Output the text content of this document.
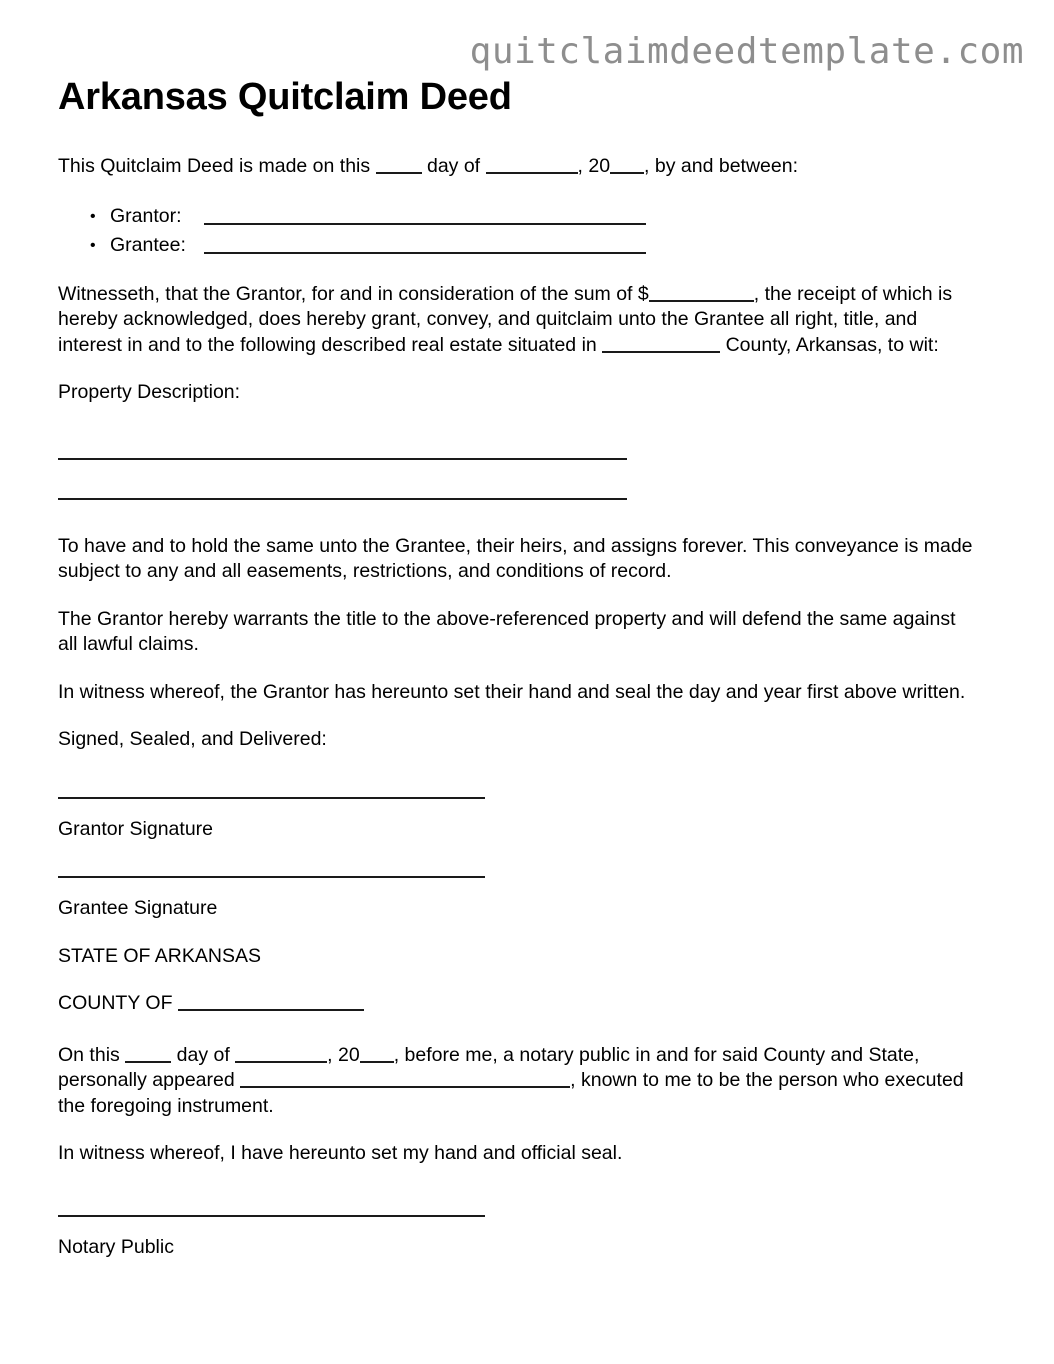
quitclaimdeedtemplate.com
Arkansas Quitclaim Deed

This Quitclaim Deed is made on this	day of	, 20 , by and between:

• Grantor:
• Grantee:

Witnesseth, that the Grantor, for and in consideration of the sum of $	, the receipt of which is hereby acknowledged, does hereby grant, convey, and quitclaim unto the Grantee all right, title, and interest in and to the following described real estate situated in	County, Arkansas, to wit:

Property Description:

To have and to hold the same unto the Grantee, their heirs, and assigns forever. This conveyance is made subject to any and all easements, restrictions, and conditions of record.

The Grantor hereby warrants the title to the above-referenced property and will defend the same against all lawful claims.

In witness whereof, the Grantor has hereunto set their hand and seal the day and year first above written.

Signed, Sealed, and Delivered:

Grantor Signature

Grantee Signature

STATE OF ARKANSAS

COUNTY OF

On this	day of	, 20 , before me, a notary public in and for said County and State, personally appeared	, known to me to be the person who executed the foregoing instrument.

In witness whereof, I have hereunto set my hand and official seal.

Notary Public
